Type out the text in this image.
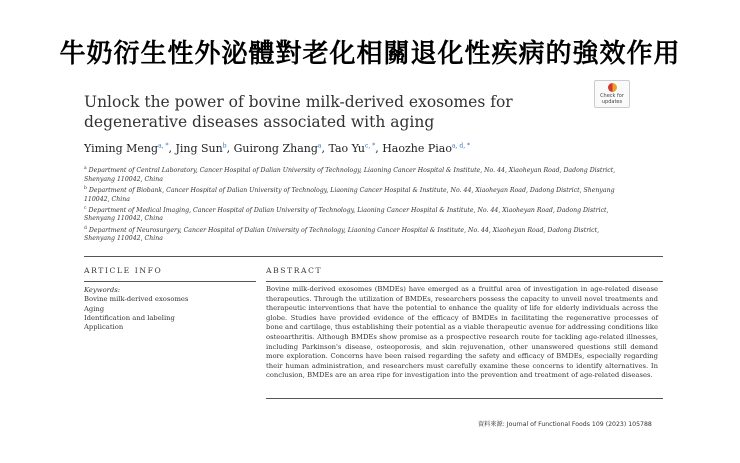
牛奶衍生性外泌體對老化相關退化性疾病的強效作用
Unlock the power of bovine milk-derived exosomes for degenerative diseases associated with aging
Check for
updates
Yiming Meng$^{a, *}$, Jing Sun$^b$, Guirong Zhang$^a$, Tao $Yu^{c, *}$, Haozhe Piao$^{a, d, *}$
$^a$ Department of Central Laboratory, Cancer Hospital of Dalian University of Technology, Liaoning Cancer Hospital & Institute, No. 44, Xiaoheyan Road, Dadong District, Shenyang 110042, China
$^b$ Department of Biobank, Cancer Hospital of Dalian University of Technology, Liaoning Cancer Hospital & Institute, No. 44, Xiaoheyan Road, Dadong District, Shenyang 110042, China
$^c$ Department of Medical Imaging, Cancer Hospital of Dalian University of Technology, Liaoning Cancer Hospital & Institute, No. 44, Xiaoheyan Road, Dadong District, Shenyang 110042, China
$^d$ Department of Neurosurgery, Cancer Hospital of Dalian University of Technology, Liaoning Cancer Hospital & Institute, No. 44, Xiaoheyan Road, Dadong District, Shenyang 110042, China
ARTICLE INFO	ABSTRACT
Keywords:
Bovine milk-derived exosomes
Aging
Identification and labeling
Application
Bovine milk-derived exosomes (BMDEs) have emerged as a fruitful area of investigation in age-related disease therapeutics. Through the utilization of BMDEs, researchers possess the capacity to unveil novel treatments and therapeutic interventions that have the potential to enhance the quality of life for elderly individuals across the globe. Studies have provided evidence of the efficacy of BMDEs in facilitating the regenerative processes of bone and cartilage, thus establishing their potential as a viable therapeutic avenue for addressing conditions like osteoarthritis. Although BMDEs show promise as a prospective research route for tackling age-related illnesses, including Parkinson's disease, osteoporosis, and skin rejuvenation, other unanswered questions still demand more exploration. Concerns have been raised regarding the safety and efficacy of BMDEs, especially regarding their human administration, and researchers must carefully examine these concerns to identify alternatives. In conclusion, BMDEs are an area ripe for investigation into the prevention and treatment of age-related diseases.
資料來源: Journal of Functional Foods 109 (2023) 105788
